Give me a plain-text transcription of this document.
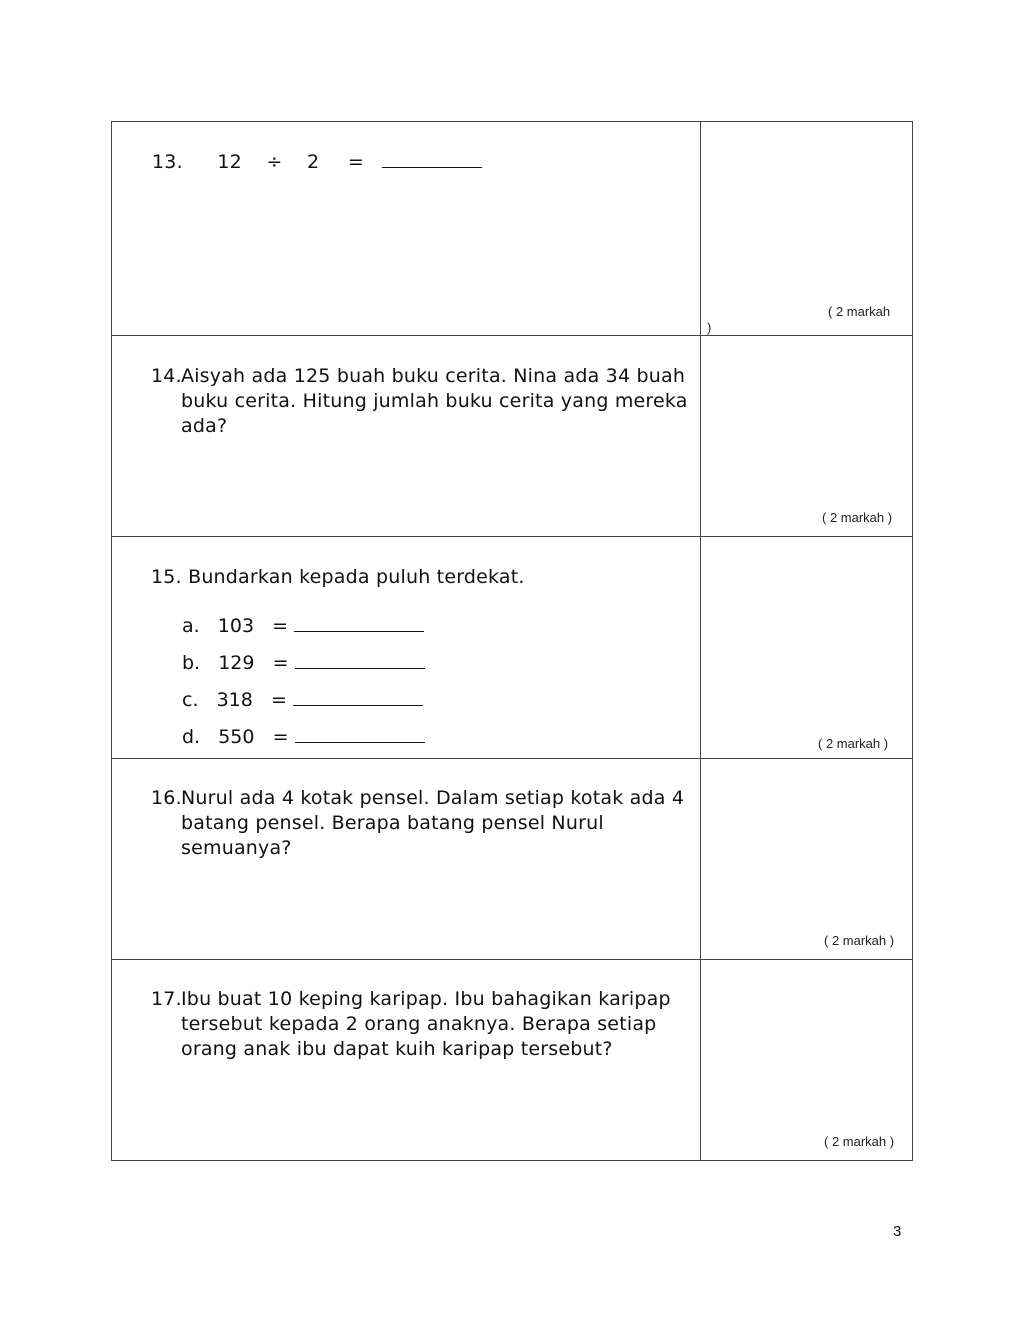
13. 12 ÷ 2 =
( 2 markah
)
14. Aisyah ada 125 buah buku cerita. Nina ada 34 buah buku cerita. Hitung jumlah buku cerita yang mereka ada?
( 2 markah )
15. Bundarkan kepada puluh terdekat.
a. 103 =
b. 129 =
c. 318 =
d. 550 =	( 2 markah )
16. Nurul ada 4 kotak pensel. Dalam setiap kotak ada 4 batang pensel. Berapa batang pensel Nurul semuanya?
( 2 markah )
17. Ibu buat 10 keping karipap. Ibu bahagikan karipap tersebut kepada 2 orang anaknya. Berapa setiap orang anak ibu dapat kuih karipap tersebut?
( 2 markah )
3
